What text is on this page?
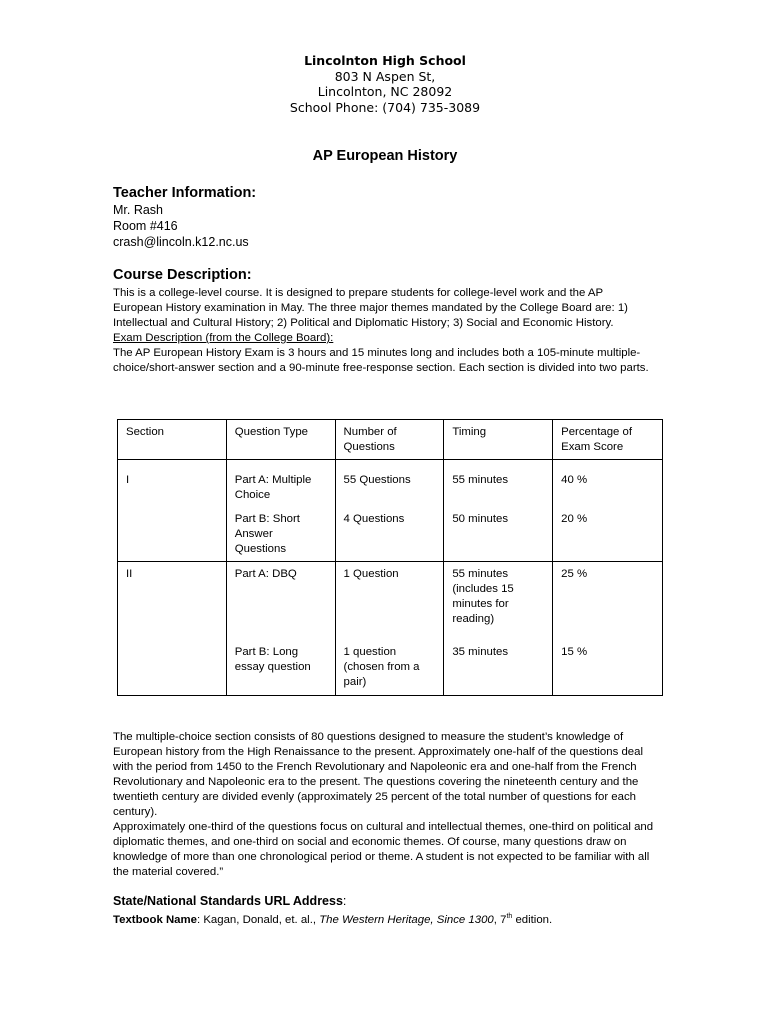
Lincolnton High School
803 N Aspen St,
Lincolnton, NC 28092
School Phone: (704) 735-3089
AP European History
Teacher Information:
Mr. Rash
Room #416
crash@lincoln.k12.nc.us
Course Description:
This is a college-level course. It is designed to prepare students for college-level work and the AP European History examination in May. The three major themes mandated by the College Board are: 1) Intellectual and Cultural History; 2) Political and Diplomatic History; 3) Social and Economic History.
Exam Description (from the College Board):
The AP European History Exam is 3 hours and 15 minutes long and includes both a 105-minute multiple-choice/short-answer section and a 90-minute free-response section. Each section is divided into two parts.
Section	Question Type	Number of Questions	Timing	Percentage of Exam Score
I	Part A: Multiple Choice	55 Questions	55 minutes	40 %
	Part B: Short Answer Questions	4 Questions	50 minutes	20 %
II	Part A: DBQ	1 Question	55 minutes (includes 15 minutes for reading)	25 %
	Part B: Long essay question	1 question (chosen from a pair)	35 minutes	15 %
The multiple-choice section consists of 80 questions designed to measure the student’s knowledge of European history from the High Renaissance to the present. Approximately one-half of the questions deal with the period from 1450 to the French Revolutionary and Napoleonic era and one-half from the French Revolutionary and Napoleonic era to the present. The questions covering the nineteenth century and the twentieth century are divided evenly (approximately 25 percent of the total number of questions for each century).
Approximately one-third of the questions focus on cultural and intellectual themes, one-third on political and diplomatic themes, and one-third on social and economic themes. Of course, many questions draw on knowledge of more than one chronological period or theme. A student is not expected to be familiar with all the material covered.”
State/National Standards URL Address:
Textbook Name: Kagan, Donald, et. al., The Western Heritage, Since 1300, 7th edition.
